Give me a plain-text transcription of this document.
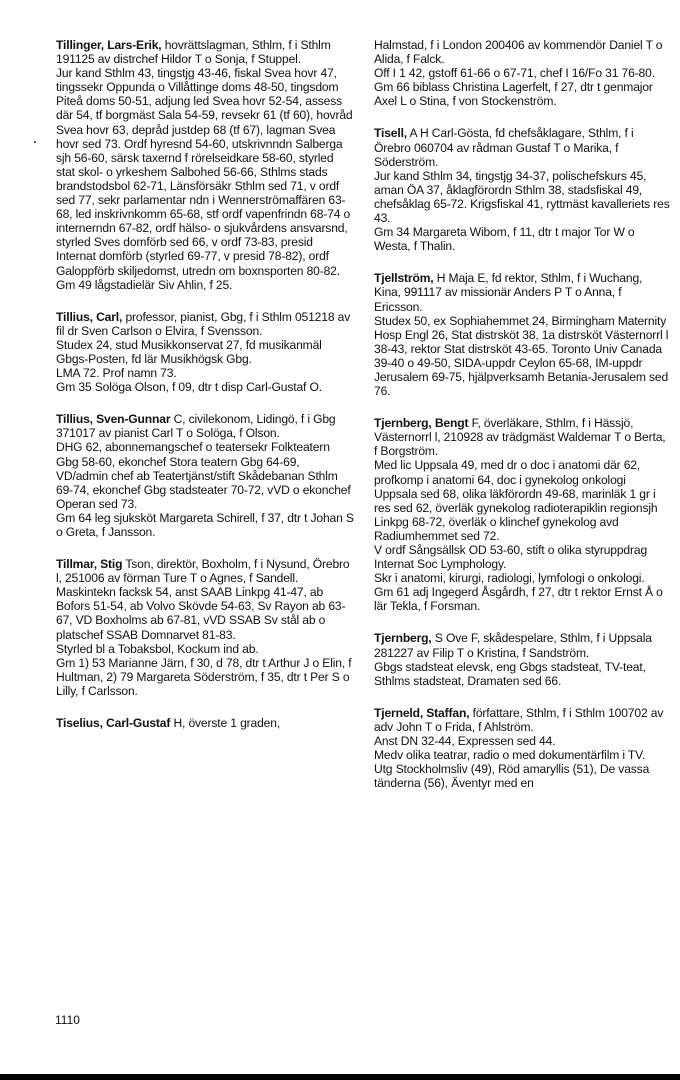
Tillinger, Lars-Erik, hovrättslagman, Sthlm, f i Sthlm 191125 av distrchef Hildor T o Sonja, f Stuppel.
Jur kand Sthlm 43, tingstjg 43-46, fiskal Svea hovr 47, tingssekr Oppunda o Villåttinge doms 48-50, tingsdom Piteå doms 50-51, adjung led Svea hovr 52-54, assess där 54, tf borgmäst Sala 54-59, revsekr 61 (tf 60), hovråd Svea hovr 63, depråd justdep 68 (tf 67), lagman Svea hovr sed 73. Ordf hyresnd 54-60, utskrivnndn Salberga sjh 56-60, särsk taxernd f rörelseidkare 58-60, styrled stat skol- o yrkeshem Salbohed 56-66, Sthlms stads brandstodsbol 62-71, Länsförsäkr Sthlm sed 71, v ordf sed 77, sekr parlamentar ndn i Wennerströmaffären 63-68, led inskrivnkomm 65-68, stf ordf vapenfrindn 68-74 o internerndn 67-82, ordf hälso- o sjukvårdens ansvarsnd, styrled Sves domförb sed 66, v ordf 73-83, presid Internat domförb (styrled 69-77, v presid 78-82), ordf Galoppförb skiljedomst, utredn om boxnsporten 80-82.
Gm 49 lågstadielär Siv Ahlin, f 25.
Tillius, Carl, professor, pianist, Gbg, f i Sthlm 051218 av fil dr Sven Carlson o Elvira, f Svensson.
Studex 24, stud Musikkonservat 27, fd musikanmäl Gbgs-Posten, fd lär Musikhögsk Gbg.
LMA 72. Prof namn 73.
Gm 35 Solöga Olson, f 09, dtr t disp Carl-Gustaf O.
Tillius, Sven-Gunnar C, civilekonom, Lidingö, f i Gbg 371017 av pianist Carl T o Solöga, f Olson.
DHG 62, abonnemangschef o teatersekr Folkteatern Gbg 58-60, ekonchef Stora teatern Gbg 64-69, VD/admin chef ab Teatertjänst/stift Skådebanan Sthlm 69-74, ekonchef Gbg stadsteater 70-72, vVD o ekonchef Operan sed 73.
Gm 64 leg sjuksköt Margareta Schirell, f 37, dtr t Johan S o Greta, f Jansson.
Tillmar, Stig Tson, direktör, Boxholm, f i Nysund, Örebro l, 251006 av förman Ture T o Agnes, f Sandell.
Maskintekn facksk 54, anst SAAB Linkpg 41-47, ab Bofors 51-54, ab Volvo Skövde 54-63, Sv Rayon ab 63-67, VD Boxholms ab 67-81, vVD SSAB Sv stål ab o platschef SSAB Domnarvet 81-83.
Styrled bl a Tobaksbol, Kockum ind ab.
Gm 1) 53 Marianne Järn, f 30, d 78, dtr t Arthur J o Elin, f Hultman, 2) 79 Margareta Söderström, f 35, dtr t Per S o Lilly, f Carlsson.
Tiselius, Carl-Gustaf H, överste 1 graden,
Halmstad, f i London 200406 av kommendör Daniel T o Alida, f Falck.
Off I 1 42, gstoff 61-66 o 67-71, chef I 16/Fo 31 76-80.
Gm 66 biblass Christina Lagerfelt, f 27, dtr t genmajor Axel L o Stina, f von Stockenström.
Tisell, A H Carl-Gösta, fd chefsåklagare, Sthlm, f i Örebro 060704 av rådman Gustaf T o Marika, f Söderström.
Jur kand Sthlm 34, tingstjg 34-37, polischefskurs 45, aman ÖA 37, åklagförordn Sthlm 38, stadsfiskal 49, chefsåklag 65-72. Krigsfiskal 41, ryttmäst kavalleriets res 43.
Gm 34 Margareta Wibom, f 11, dtr t major Tor W o Westa, f Thalin.
Tjellström, H Maja E, fd rektor, Sthlm, f i Wuchang, Kina, 991117 av missionär Anders P T o Anna, f Ericsson.
Studex 50, ex Sophiahemmet 24, Birmingham Maternity Hosp Engl 26, Stat distrsköt 38, 1a distrsköt Västernorrl l 38-43, rektor Stat distrsköt 43-65. Toronto Univ Canada 39-40 o 49-50, SIDA-uppdr Ceylon 65-68, IM-uppdr Jerusalem 69-75, hjälpverksamh Betania-Jerusalem sed 76.
Tjernberg, Bengt F, överläkare, Sthlm, f i Hässjö, Västernorrl l, 210928 av trädgmäst Waldemar T o Berta, f Borgström.
Med lic Uppsala 49, med dr o doc i anatomi där 62, profkomp i anatomi 64, doc i gynekolog onkologi Uppsala sed 68, olika läkförordn 49-68, marinläk 1 gr i res sed 62, överläk gynekolog radioterapiklin regionsjh Linkpg 68-72, överläk o klinchef gynekolog avd Radiumhemmet sed 72.
V ordf Sångsällsk OD 53-60, stift o olika styruppdrag Internat Soc Lymphology.
Skr i anatomi, kirurgi, radiologi, lymfologi o onkologi.
Gm 61 adj Ingegerd Åsgårdh, f 27, dtr t rektor Ernst Å o lär Tekla, f Forsman.
Tjernberg, S Ove F, skådespelare, Sthlm, f i Uppsala 281227 av Filip T o Kristina, f Sandström.
Gbgs stadsteat elevsk, eng Gbgs stadsteat, TV-teat, Sthlms stadsteat, Dramaten sed 66.
Tjerneld, Staffan, författare, Sthlm, f i Sthlm 100702 av adv John T o Frida, f Ahlström.
Anst DN 32-44, Expressen sed 44.
Medv olika teatrar, radio o med dokumentärfilm i TV.
Utg Stockholmsliv (49), Röd amaryllis (51), De vassa tänderna (56), Äventyr med en
1110
